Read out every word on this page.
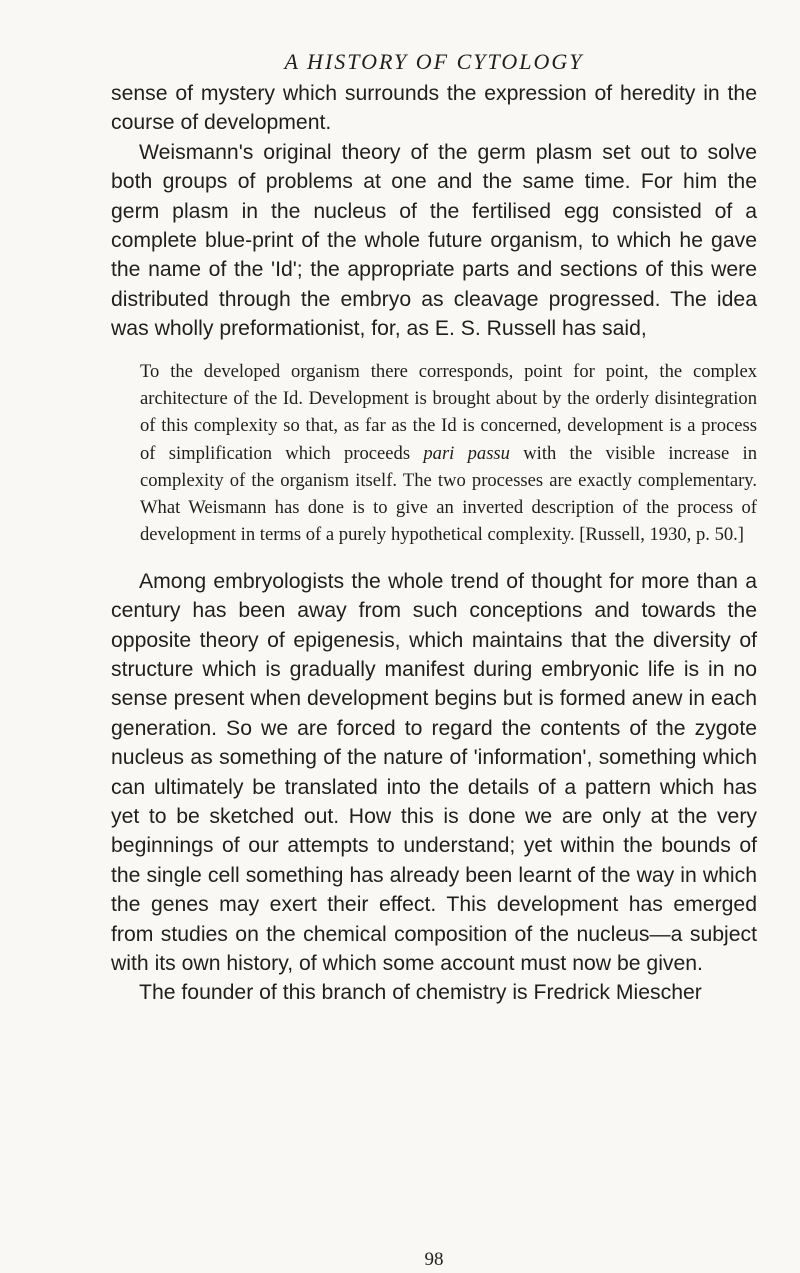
A HISTORY OF CYTOLOGY

sense of mystery which surrounds the expression of heredity in the course of development.

Weismann's original theory of the germ plasm set out to solve both groups of problems at one and the same time. For him the germ plasm in the nucleus of the fertilised egg consisted of a complete blue-print of the whole future organism, to which he gave the name of the 'Id'; the appropriate parts and sections of this were distributed through the embryo as cleavage progressed. The idea was wholly preformationist, for, as E. S. Russell has said,

To the developed organism there corresponds, point for point, the complex architecture of the Id. Development is brought about by the orderly disintegration of this complexity so that, as far as the Id is concerned, development is a process of simplification which proceeds pari passu with the visible increase in complexity of the organism itself. The two processes are exactly complementary. What Weismann has done is to give an inverted description of the process of development in terms of a purely hypothetical complexity. [Russell, 1930, p. 50.]

Among embryologists the whole trend of thought for more than a century has been away from such conceptions and towards the opposite theory of epigenesis, which maintains that the diversity of structure which is gradually manifest during embryonic life is in no sense present when development begins but is formed anew in each generation. So we are forced to regard the contents of the zygote nucleus as something of the nature of 'information', something which can ultimately be translated into the details of a pattern which has yet to be sketched out. How this is done we are only at the very beginnings of our attempts to understand; yet within the bounds of the single cell something has already been learnt of the way in which the genes may exert their effect. This development has emerged from studies on the chemical composition of the nucleus—a subject with its own history, of which some account must now be given.

The founder of this branch of chemistry is Fredrick Miescher

98
